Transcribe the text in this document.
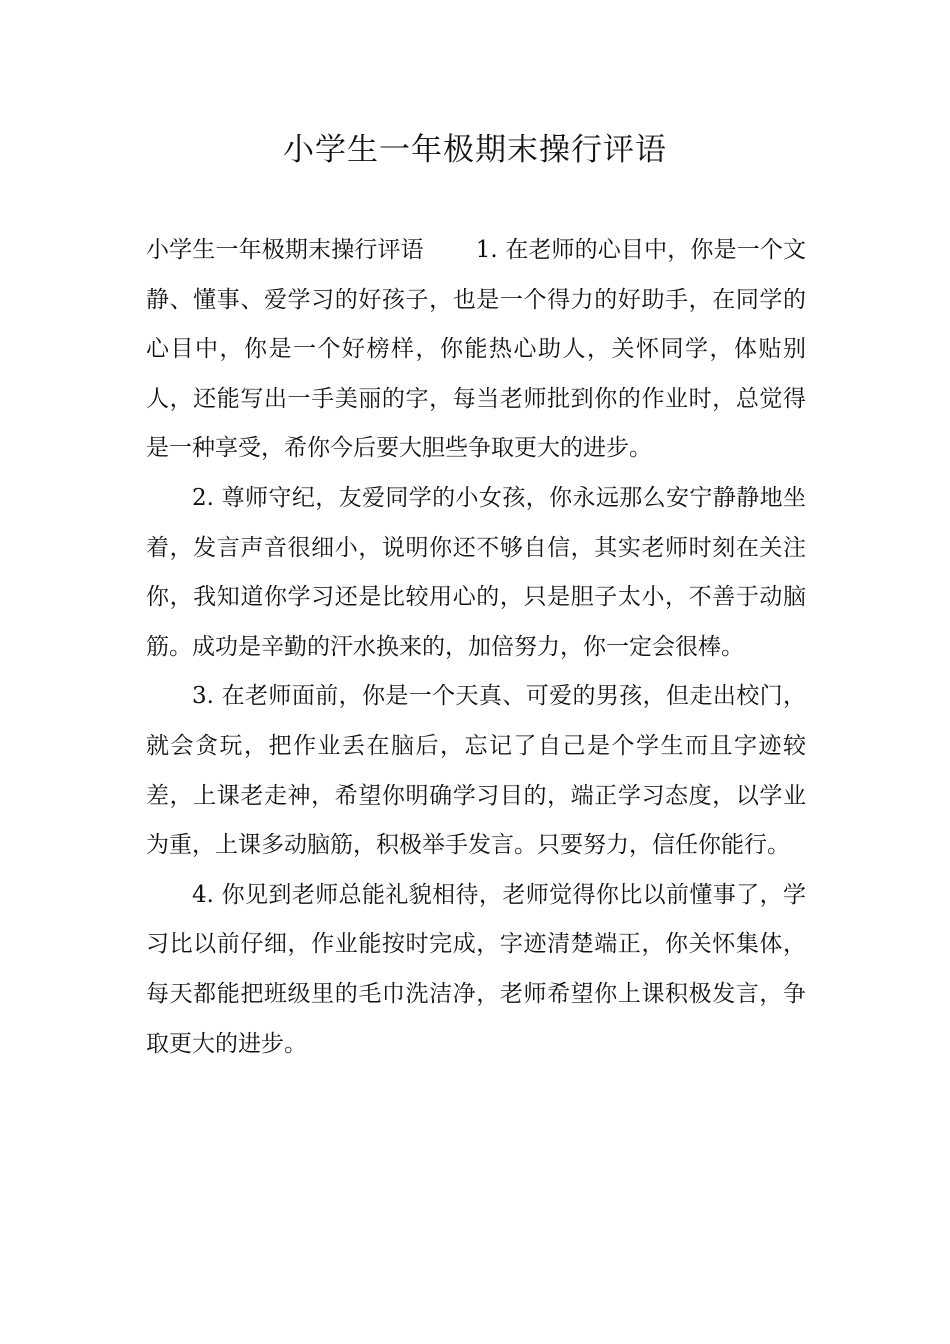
小学生一年极期末操行评语

小学生一年极期末操行评语 1. 在老师的心目中，你是一个文静、懂事、爱学习的好孩子，也是一个得力的好助手，在同学的心目中，你是一个好榜样，你能热心助人，关怀同学，体贴别人，还能写出一手美丽的字，每当老师批到你的作业时，总觉得是一种享受，希你今后要大胆些争取更大的进步。

2. 尊师守纪，友爱同学的小女孩，你永远那么安宁静静地坐着，发言声音很细小，说明你还不够自信，其实老师时刻在关注你，我知道你学习还是比较用心的，只是胆子太小，不善于动脑筋。成功是辛勤的汗水换来的，加倍努力，你一定会很棒。

3. 在老师面前，你是一个天真、可爱的男孩，但走出校门，就会贪玩，把作业丢在脑后，忘记了自己是个学生而且字迹较差，上课老走神，希望你明确学习目的，端正学习态度，以学业为重，上课多动脑筋，积极举手发言。只要努力，信任你能行。

4. 你见到老师总能礼貌相待，老师觉得你比以前懂事了，学习比以前仔细，作业能按时完成，字迹清楚端正，你关怀集体，每天都能把班级里的毛巾洗洁净，老师希望你上课积极发言，争取更大的进步。
